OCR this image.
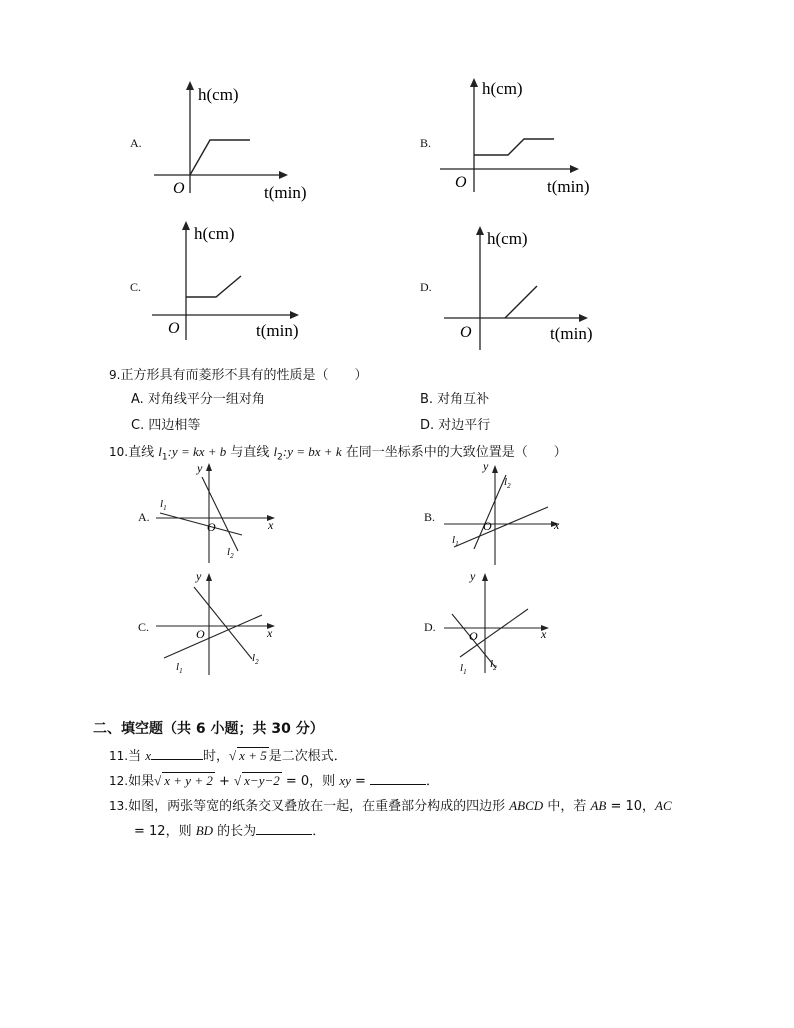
A.
h(cm)
O	t(min)
B.
h(cm)
O	t(min)
C.
h(cm)
O	t(min)
D.
h(cm)
O	t(min)
9.正方形具有而菱形不具有的性质是（　　）
A. 对角线平分一组对角	B. 对角互补
C. 四边相等	D. 对边平行
10.直线 $l_1:y$ = kx + b 与直线 $l_2:y$ = bx + k 在同一坐标系中的大致位置是（　　）
A.
y
x
O
$l_1$
$l_2$
B.
y
x
O
$l_1$
$l_2$
C.
y
x
O
$l_1$
$l_2$
D.
y
x
O
$l_1$
$l_2$
二、填空题（共 6 小题；共 30 分）
11.当 x	时，√ x + 5 是二次根式．
12.如果√ x + y + 2 + √ x−y−2 = 0，则 xy =	．
13.如图，两张等宽的纸条交叉叠放在一起，在重叠部分构成的四边形 ABCD 中，若 AB = 10，AC
= 12，则 BD 的长为	．
